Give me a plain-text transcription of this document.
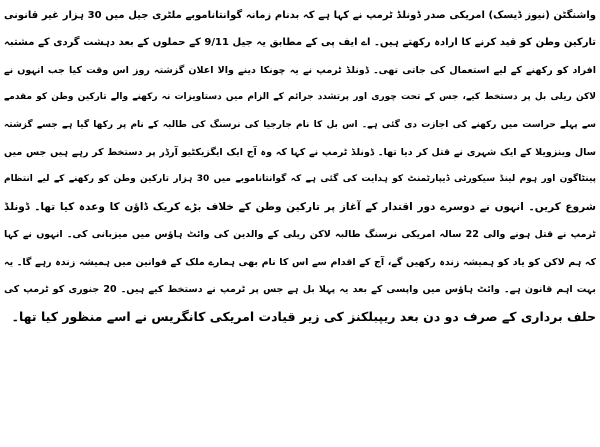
واشنگٹن (نیوز ڈیسک) امریکی صدر ڈونلڈ ٹرمپ نے کہا ہے کہ بدنام زمانہ گوانتاناموبے ملٹری جیل میں 30 ہزار غیر قانونی
تارکین وطن کو قید کرنے کا ارادہ رکھتے ہیں۔ اے ایف پی کے مطابق یہ جیل 9/11 کے حملوں کے بعد دہشت گردی کے مشتبہ
افراد کو رکھنے کے لیے استعمال کی جاتی تھی۔ ڈونلڈ ٹرمپ نے یہ چونکا دینے والا اعلان گزشتہ روز اس وقت کیا جب انہوں نے
لاکن ریلی بل پر دستخط کیے، جس کے تحت چوری اور پرتشدد جرائم کے الزام میں دستاویزات نہ رکھنے والے تارکین وطن کو مقدمے
سے پہلے حراست میں رکھنے کی اجازت دی گئی ہے۔ اس بل کا نام جارجیا کی نرسنگ کی طالبہ کے نام پر رکھا گیا ہے جسے گزشتہ
سال وینزویلا کے ایک شہری نے قتل کر دیا تھا۔ ڈونلڈ ٹرمپ نے کہا کہ وہ آج ایک ایگزیکٹیو آرڈر پر دستخط کر رہے ہیں جس میں
پینٹاگون اور ہوم لینڈ سیکورٹی ڈیپارٹمنٹ کو ہدایت کی گئی ہے کہ گوانتاناموبے میں 30 ہزار تارکین وطن کو رکھنے کے لیے انتظام
شروع کریں۔ انہوں نے دوسرے دور اقتدار کے آغاز پر تارکین وطن کے خلاف بڑے کریک ڈاؤن کا وعدہ کیا تھا۔ ڈونلڈ
ٹرمپ نے قتل ہونے والی 22 سالہ امریکی نرسنگ طالبہ لاکن ریلی کے والدین کی وائٹ ہاؤس میں میزبانی کی۔ انہوں نے کہا
کہ ہم لاکن کو یاد کو ہمیشہ زندہ رکھیں گے، آج کے اقدام سے اس کا نام بھی ہمارے ملک کے قوانین میں ہمیشہ زندہ رہے گا۔ یہ
بہت اہم قانون ہے۔ وائٹ ہاؤس میں واپسی کے بعد یہ پہلا بل ہے جس پر ٹرمپ نے دستخط کیے ہیں۔ 20 جنوری کو ٹرمپ کی
حلف برداری کے صرف دو دن بعد ریپبلکنز کی زیر قیادت امریکی کانگریس نے اسے منظور کیا تھا۔
